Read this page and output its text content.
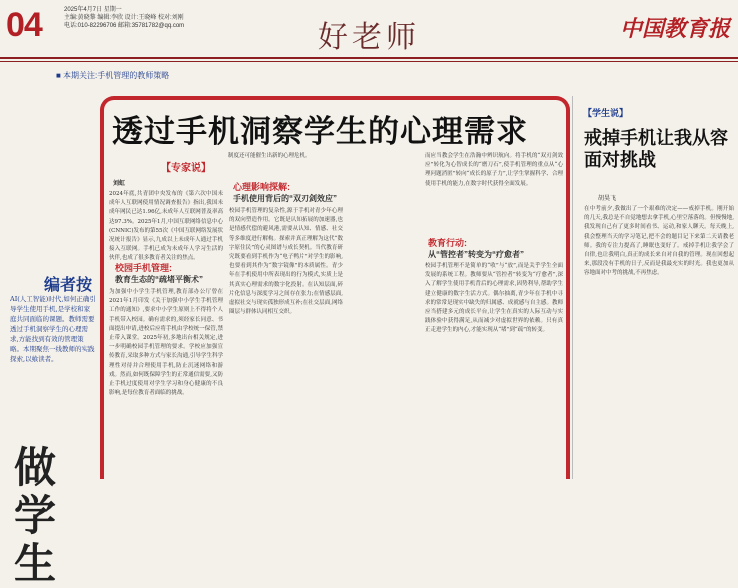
04	2025年4月7日 星期一
主编:黄晓黎 编辑:李欣 设计:王晓峰 校对:刘刚
电话:010-82296706 邮箱:3578178​2@qq.com	好老师	中国教育报
■ 本期关注:手机管理的教师策略
编者按
AI(人工智能)时代,如何正确引导学生使用手机,是学校和家庭共同面临的课题。教师需要透过手机洞察学生的心理需求,方能找到有效的管理策略。本期聚焦一线教师的实践探索,以飨读者。
做学生
透过手机洞察学生的心理需求
【专家说】
刘虹
2024年底,共青团中央发布的《第六次中国未成年人互联网使用情况调查报告》指出,我国未成年网民已达1.96亿,未成年人互联网普及率高达97.3%。2025年1月,中国互联网络信息中心(CNNIC)发布的第55次《中国互联网络发展状况统计报告》显示,九成以上未成年人通过手机接入互联网。手机已成为未成年人学习生活的伙伴,也成了很多教育者关注的焦点。
校园手机管理:
教育生态的“疏堵平衡术”
为加强中小学生手机管理,教育部办公厅曾在2021年1月印发《关于加强中小学生手机管理工作的通知》,要求中小学生原则上不得将个人手机带入校园。确有需求的,须经家长同意、书面提出申请,进校后应将手机由学校统一保管,禁止带入课堂。2025年初,多地出台相关规定,进一步明确校园手机管理的要求。学校应加强宣传教育,采取多种方式与家长沟通,引导学生科学理性对待并合理使用手机,防止沉迷网络和游戏。然而,如何既保障学生的正常通信需要,又防止手机过度使用对学生学习和身心健康的不良影响,是每位教育者面临的挑战。
制度还可能催生出新的心理危机。
心理影响探解:
手机使用背后的“双刃剑效应”
校园手机管理的复杂性,源于手机对青少年心理的双向塑造作用。它既是认知拓展的加速器,也是情感代偿的避风港,需要从认知、情感、社交等多维度进行解构。探索并真正理解为这代“数字原住民”的心灵图谱与成长契机。当代教育研究既要看到手机作为“电子鸭片”对学生的影响,也要看到其作为“数字镜像”的本质属性。青少年在手机使用中所表现出的行为模式,实质上是其真实心理需求的数字化投射。在认知层面,碎片化信息与深度学习之间存在张力;在情感层面,虚拟社交与现实孤独形成互补;在社交层面,网络圈层与群体认同相互交织。
而应当教会学生在浩瀚中辨识航向。将手机的“双刃剑效应”转化为心智成长的“磨刀石”,使手机管理的重点从“心理问题消匿”转向“成长的原子力”,让学生掌握科学、合理使用手机的能力,在数字时代获得全面发展。
教育行动:
从“管控者”转变为“疗愈者”
校园手机管理不是简单的“收”与“放”,而是关乎学生全面发展的系统工程。教师要从“管控者”转变为“疗愈者”,深入了解学生使用手机背后的心理需求,因势利导,帮助学生建立健康的数字生活方式。偶尔抽离,青少年在手机中寻求的常常是现实中缺失的归属感、成就感与自主感。教师应当搭建多元的成长平台,让学生在真实的人际互动与实践体验中获得满足,从而减少对虚拟世界的依赖。只有真正走进学生的内心,才能实现从“堵”到“疏”的转变。
【学生说】
戒掉手机让我从容面对挑战
胡昊飞
在中考前夕,我做出了一个艰难的决定——戒掉手机。刚开始的几天,我总是不自觉地想去拿手机,心里空落落的。但慢慢地,我发现自己有了更多时间看书、运动,和家人聊天。每天晚上,我会整理当天的学习笔记,把不会的题目记下来第二天请教老师。我的专注力提高了,睡眠也变好了。戒掉手机让我学会了自律,也让我明白,真正的成长来自对自我的管理。现在回想起来,那段没有手机的日子,反而是我最充实的时光。我也更加从容地面对中考的挑战,不再焦虑。
